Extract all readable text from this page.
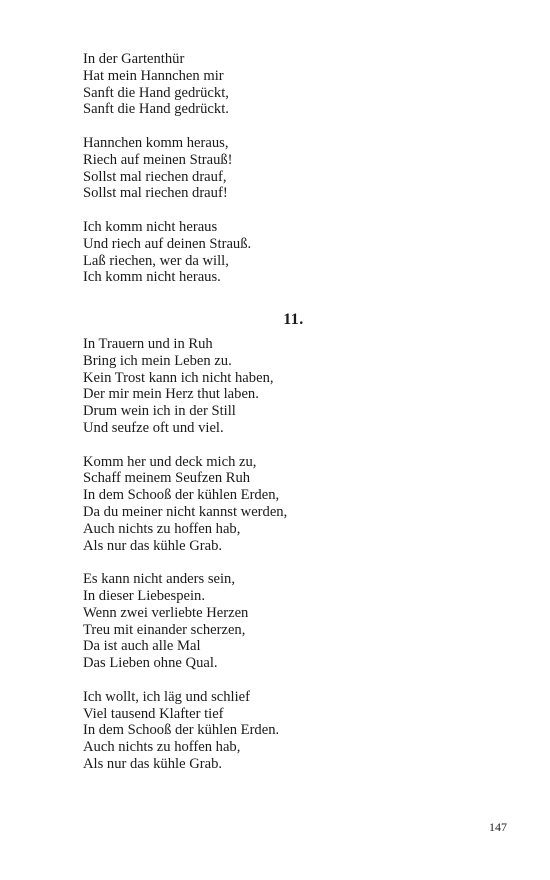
In der Gartenthür
Hat mein Hannchen mir
Sanft die Hand gedrückt,
Sanft die Hand gedrückt.
Hannchen komm heraus,
Riech auf meinen Strauß!
Sollst mal riechen drauf,
Sollst mal riechen drauf!
Ich komm nicht heraus
Und riech auf deinen Strauß.
Laß riechen, wer da will,
Ich komm nicht heraus.
11.
In Trauern und in Ruh
Bring ich mein Leben zu.
Kein Trost kann ich nicht haben,
Der mir mein Herz thut laben.
Drum wein ich in der Still
Und seufze oft und viel.
Komm her und deck mich zu,
Schaff meinem Seufzen Ruh
In dem Schooß der kühlen Erden,
Da du meiner nicht kannst werden,
Auch nichts zu hoffen hab,
Als nur das kühle Grab.
Es kann nicht anders sein,
In dieser Liebespein.
Wenn zwei verliebte Herzen
Treu mit einander scherzen,
Da ist auch alle Mal
Das Lieben ohne Qual.
Ich wollt, ich läg und schlief
Viel tausend Klafter tief
In dem Schooß der kühlen Erden.
Auch nichts zu hoffen hab,
Als nur das kühle Grab.
147
